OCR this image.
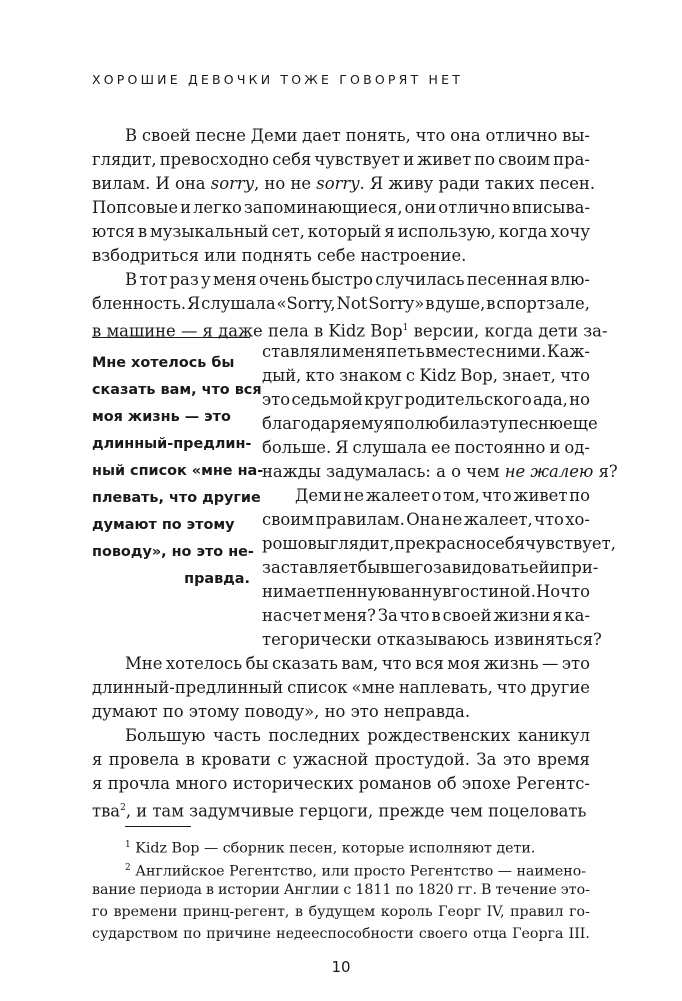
ХОРОШИЕ ДЕВОЧКИ ТОЖЕ ГОВОРЯТ НЕТ
В своей песне Деми дает понять, что она отлично вы-
глядит, превосходно себя чувствует и живет по своим пра-
вилам. И она sorry, но не sorry. Я живу ради таких песен.
Попсовые и легко запоминающиеся, они отлично вписыва-
ются в музыкальный сет, который я использую, когда хочу
взбодриться или поднять себе настроение.
В тот раз у меня очень быстро случилась песенная влю-
бленность. Я слушала «Sorry, Not Sorry» в душе, в спортзале,
в машине — я даже пела в Kidz Bop$^1$ версии, когда дети за-
Мне хотелось бы
сказать вам, что вся
моя жизнь — это
длинный-предлин-
ный список «мне на-
плевать, что другие
думают по этому
поводу», но это не-
правда.
ставляли меня петь вместе с ними. Каж-
дый, кто знаком с Kidz Bop, знает, что
это седьмой круг родительского ада, но
благодаря ему я полюбила эту песню еще
больше. Я слушала ее постоянно и од-
нажды задумалась: а о чем не жалею я?
Деми не жалеет о том, что живет по
своим правилам. Она не жалеет, что хо-
рошо выглядит, прекрасно себя чувствует,
заставляет бывшего завидовать ей и при-
нимает пенную ванну в гостиной. Но что
насчет меня? За что в своей жизни я ка-
тегорически отказываюсь извиняться?
Мне хотелось бы сказать вам, что вся моя жизнь — это
длинный-предлинный список «мне наплевать, что другие
думают по этому поводу», но это неправда.
Большую часть последних рождественских каникул
я провела в кровати с ужасной простудой. За это время
я прочла много исторических романов об эпохе Регентс-
тва$^2$, и там задумчивые герцоги, прежде чем поцеловать
$^1$ Kidz Bop — сборник песен, которые исполняют дети.
$^2$ Английское Регентство, или просто Регентство — наимено-
вание периода в истории Англии с 1811 по 1820 гг. В течение это-
го времени принц-регент, в будущем король Георг IV, правил го-
сударством по причине недееспособности своего отца Георга III.
10
